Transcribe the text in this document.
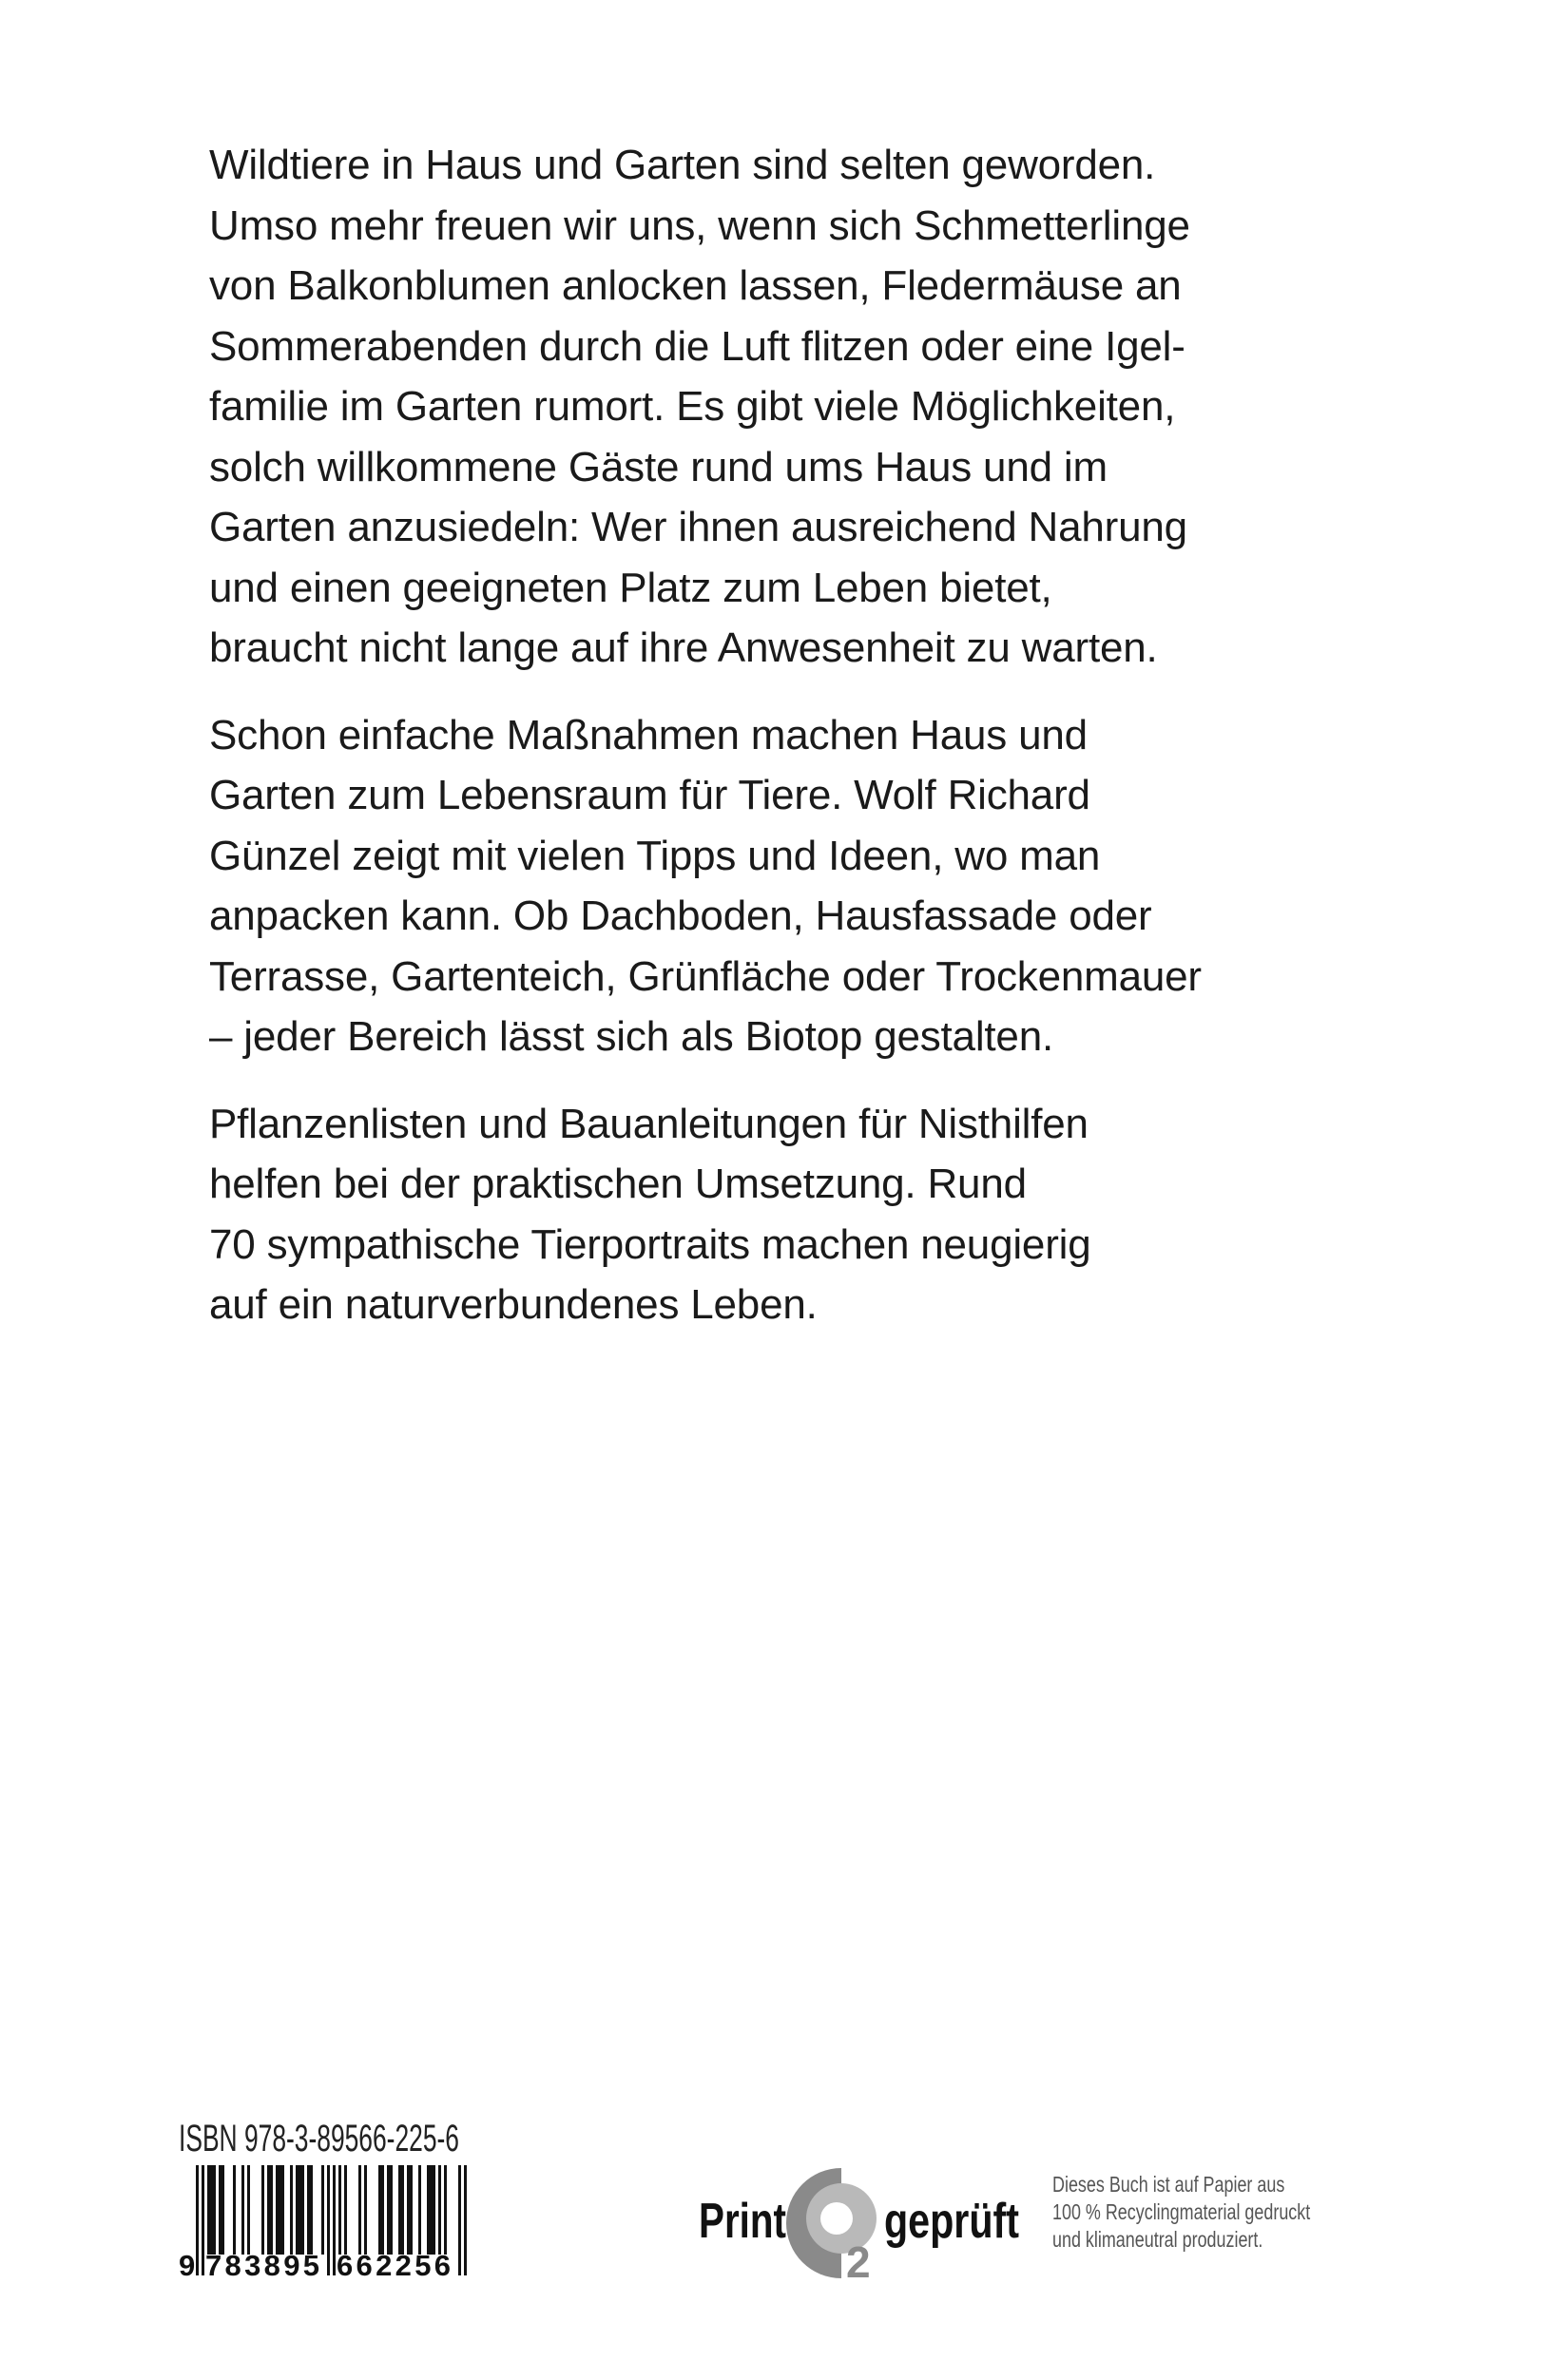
Wildtiere in Haus und Garten sind selten geworden.
Umso mehr freuen wir uns, wenn sich Schmetterlinge
von Balkonblumen anlocken lassen, Fledermäuse an
Sommerabenden durch die Luft flitzen oder eine Igel-
familie im Garten rumort. Es gibt viele Möglichkeiten,
solch willkommene Gäste rund ums Haus und im
Garten anzusiedeln: Wer ihnen ausreichend Nahrung
und einen geeigneten Platz zum Leben bietet,
braucht nicht lange auf ihre Anwesenheit zu warten.

Schon einfache Maßnahmen machen Haus und
Garten zum Lebensraum für Tiere. Wolf Richard
Günzel zeigt mit vielen Tipps und Ideen, wo man
anpacken kann. Ob Dachboden, Hausfassade oder
Terrasse, Gartenteich, Grünfläche oder Trockenmauer
– jeder Bereich lässt sich als Biotop gestalten.

Pflanzenlisten und Bauanleitungen für Nisthilfen
helfen bei der praktischen Umsetzung. Rund
70 sympathische Tierportraits machen neugierig
auf ein naturverbundenes Leben.

ISBN 978-3-89566-225-6
9 783895 662256
Print
2
geprüft
Dieses Buch ist auf Papier aus
100 % Recyclingmaterial gedruckt
und klimaneutral produziert.
